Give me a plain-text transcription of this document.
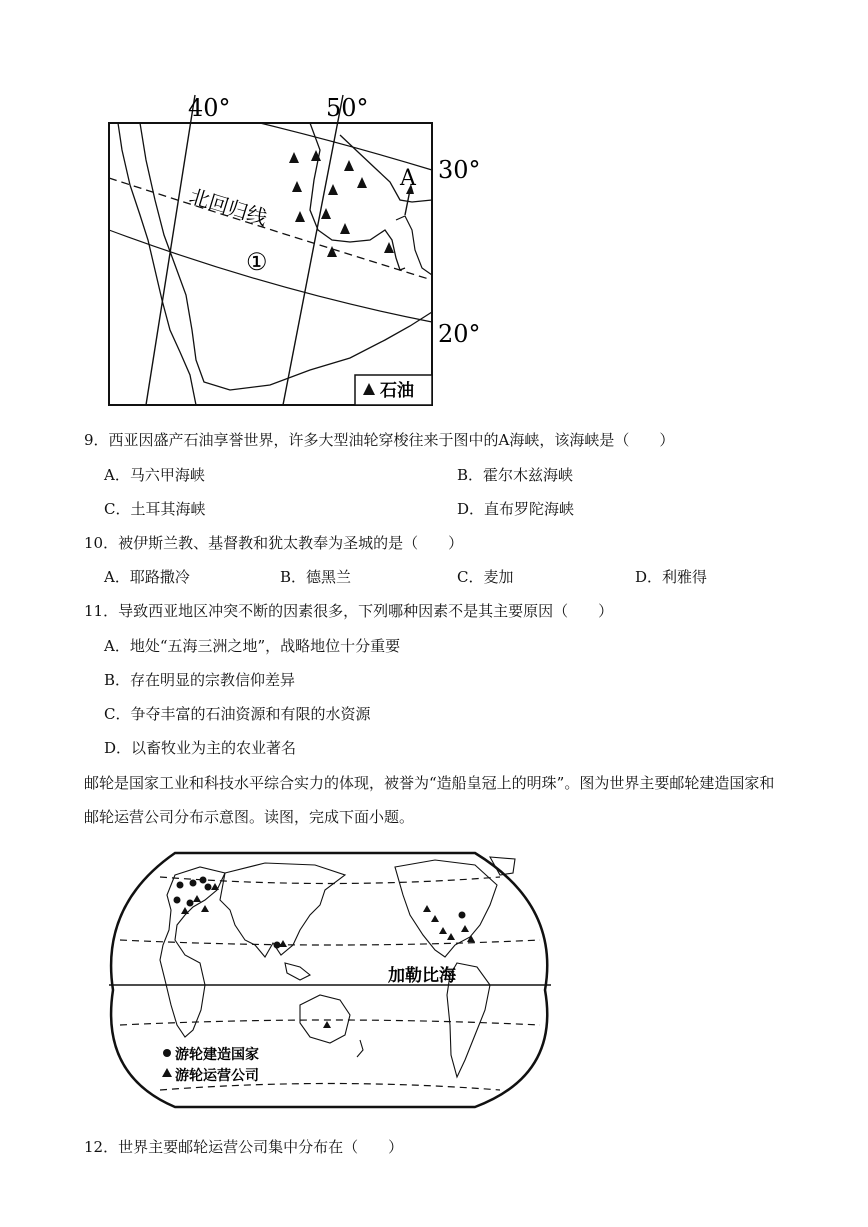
A
40°	50°
30°
20°
北回归线
①
石油
9．西亚因盛产石油享誉世界，许多大型油轮穿梭往来于图中的A海峡，该海峡是（　　）
A．马六甲海峡	B．霍尔木兹海峡
C．土耳其海峡	D．直布罗陀海峡
10．被伊斯兰教、基督教和犹太教奉为圣城的是（　　）
A．耶路撒冷	B．德黑兰	C．麦加	D．利雅得
11．导致西亚地区冲突不断的因素很多，下列哪种因素不是其主要原因（　　）
A．地处“五海三洲之地”，战略地位十分重要
B．存在明显的宗教信仰差异
C．争夺丰富的石油资源和有限的水资源
D．以畜牧业为主的农业著名
邮轮是国家工业和科技水平综合实力的体现，被誉为“造船皇冠上的明珠”。图为世界主要邮轮建造国家和
邮轮运营公司分布示意图。读图，完成下面小题。
加勒比海
游轮建造国家
游轮运营公司
12．世界主要邮轮运营公司集中分布在（　　）
